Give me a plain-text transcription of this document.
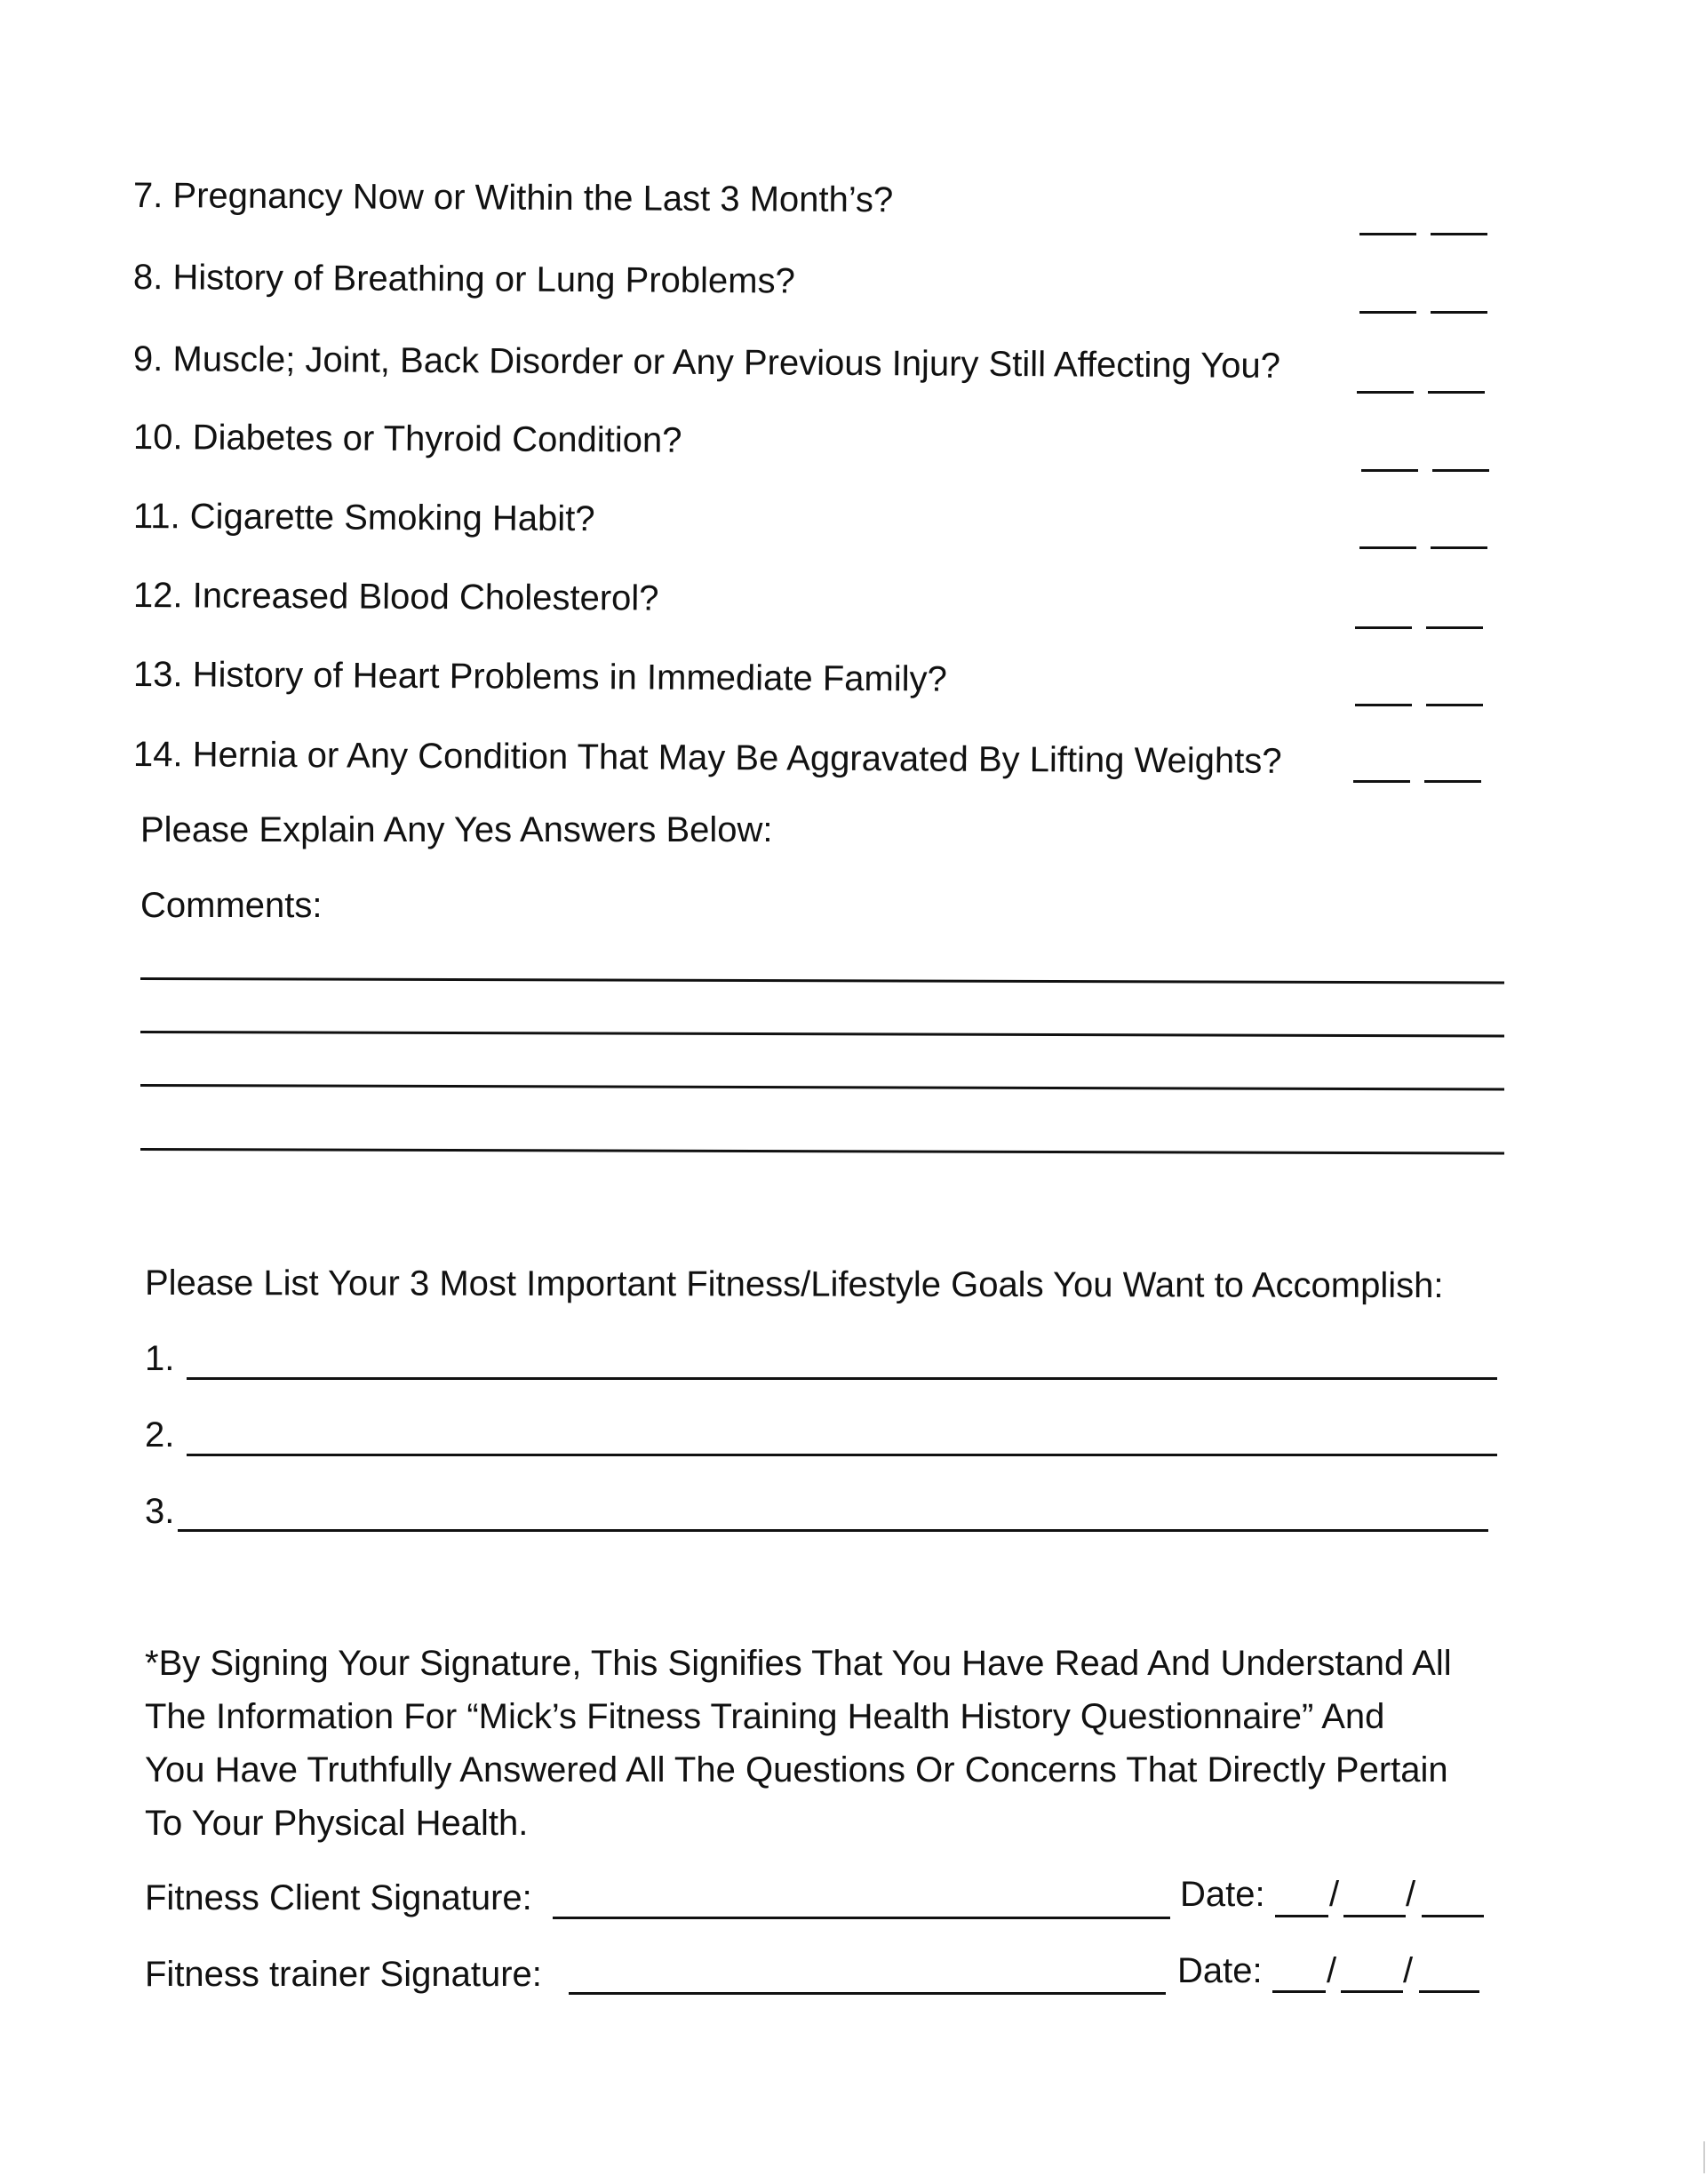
7. Pregnancy Now or Within the Last 3 Month’s?
8. History of Breathing or Lung Problems?
9. Muscle; Joint, Back Disorder or Any Previous Injury Still Affecting You?
10. Diabetes or Thyroid Condition?
11. Cigarette Smoking Habit?
12. Increased Blood Cholesterol?
13. History of Heart Problems in Immediate Family?
14. Hernia or Any Condition That May Be Aggravated By Lifting Weights?
Please Explain Any Yes Answers Below:
Comments:
Please List Your 3 Most Important Fitness/Lifestyle Goals You Want to Accomplish:
1.
2.
3.
*By Signing Your Signature, This Signifies That You Have Read And Understand All
The Information For “Mick’s Fitness Training Health History Questionnaire” And
You Have Truthfully Answered All The Questions Or Concerns That Directly Pertain
To Your Physical Health.
Fitness Client Signature:	Date: / /
Fitness trainer Signature:	Date: / /
